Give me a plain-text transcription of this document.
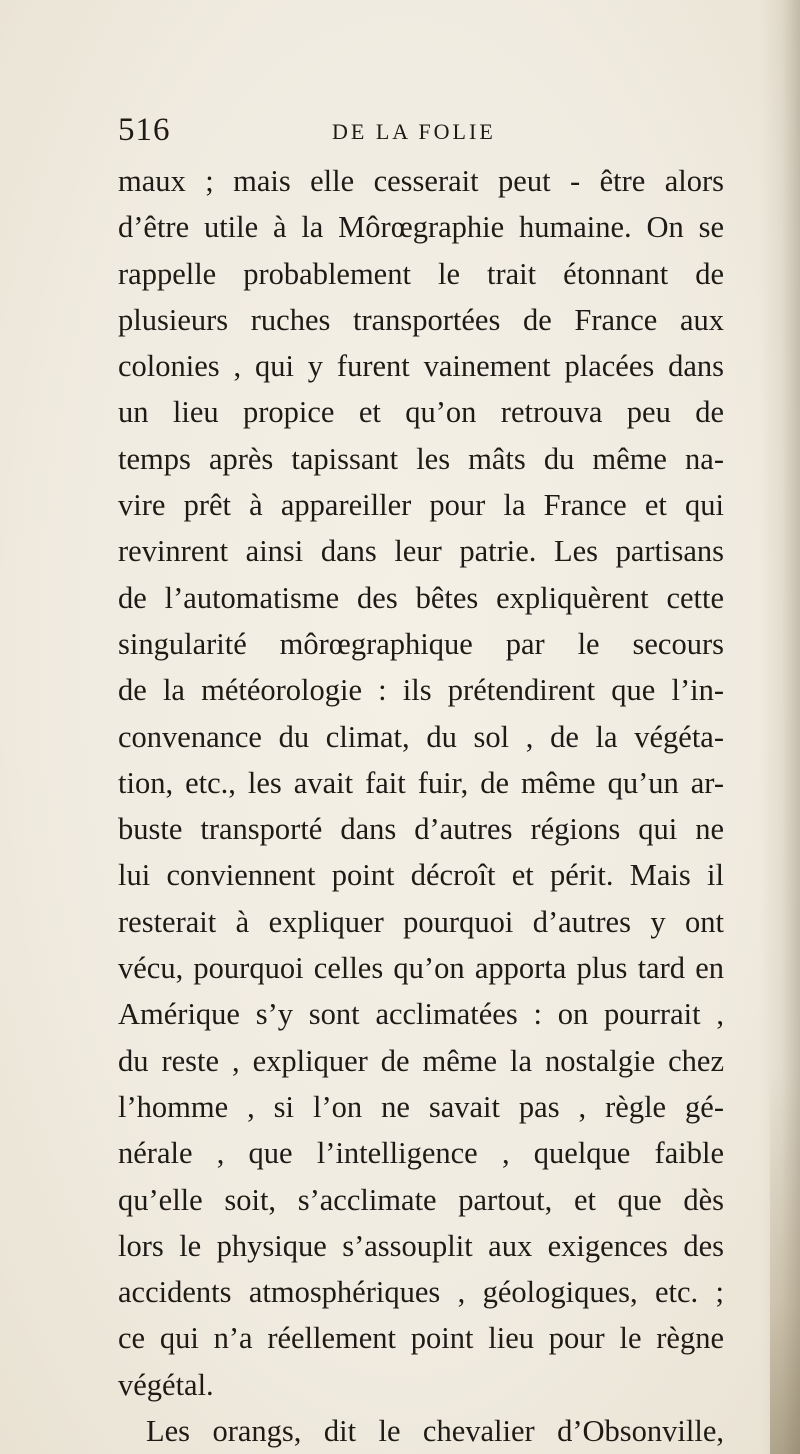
516	DE LA FOLIE
maux ; mais elle cesserait peut - être alors
d’être utile à la Môrœgraphie humaine. On se
rappelle probablement le trait étonnant de
plusieurs ruches transportées de France aux
colonies , qui y furent vainement placées dans
un lieu propice et qu’on retrouva peu de
temps après tapissant les mâts du même na-
vire prêt à appareiller pour la France et qui
revinrent ainsi dans leur patrie. Les partisans
de l’automatisme des bêtes expliquèrent cette
singularité môrœgraphique par le secours
de la météorologie : ils prétendirent que l’in-
convenance du climat, du sol , de la végéta-
tion, etc., les avait fait fuir, de même qu’un ar-
buste transporté dans d’autres régions qui ne
lui conviennent point décroît et périt. Mais il
resterait à expliquer pourquoi d’autres y ont
vécu, pourquoi celles qu’on apporta plus tard en
Amérique s’y sont acclimatées : on pourrait ,
du reste , expliquer de même la nostalgie chez
l’homme , si l’on ne savait pas , règle gé-
nérale , que l’intelligence , quelque faible
qu’elle soit, s’acclimate partout, et que dès
lors le physique s’assouplit aux exigences des
accidents atmosphériques , géologiques, etc. ;
ce qui n’a réellement point lieu pour le règne
végétal.
Les orangs, dit le chevalier d’Obsonville,
